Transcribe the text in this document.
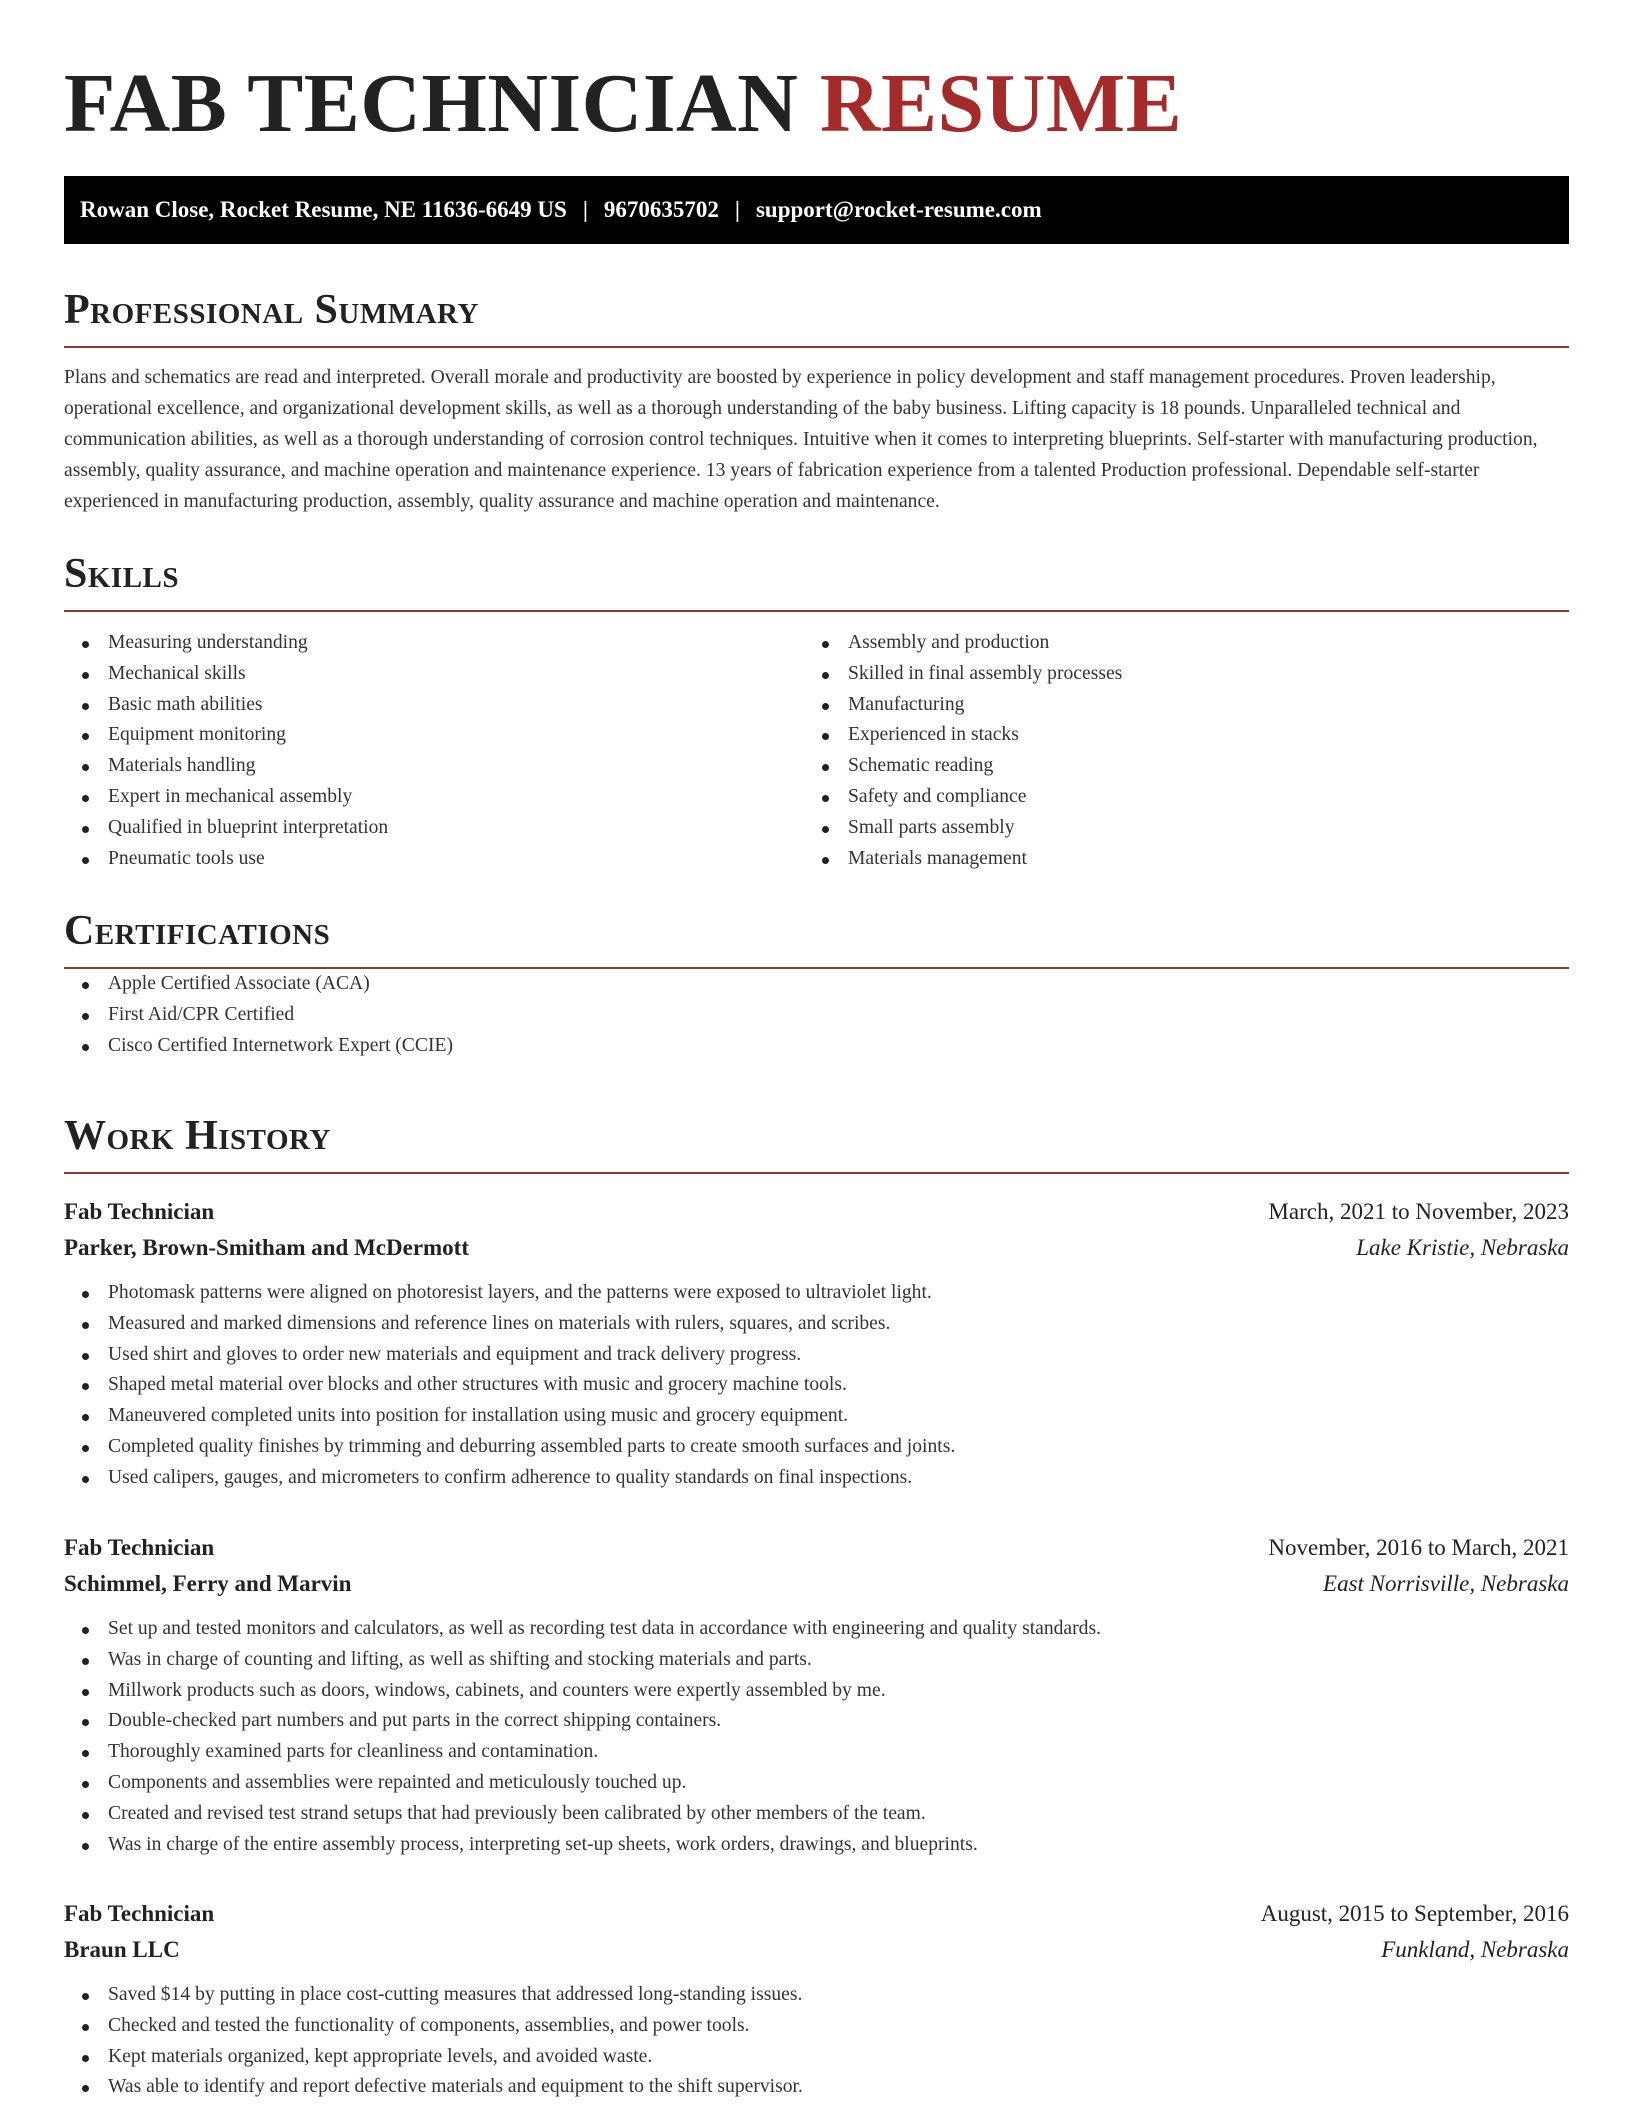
FAB TECHNICIAN RESUME
Rowan Close, Rocket Resume, NE 11636-6649 US | 9670635702 | support@rocket-resume.com
Professional Summary

Plans and schematics are read and interpreted. Overall morale and productivity are boosted by experience in policy development and staff management procedures. Proven leadership, operational excellence, and organizational development skills, as well as a thorough understanding of the baby business. Lifting capacity is 18 pounds. Unparalleled technical and communication abilities, as well as a thorough understanding of corrosion control techniques. Intuitive when it comes to interpreting blueprints. Self-starter with manufacturing production, assembly, quality assurance, and machine operation and maintenance experience. 13 years of fabrication experience from a talented Production professional. Dependable self-starter experienced in manufacturing production, assembly, quality assurance and machine operation and maintenance.

Skills
Measuring understanding
Mechanical skills
Basic math abilities
Equipment monitoring
Materials handling
Expert in mechanical assembly
Qualified in blueprint interpretation
Pneumatic tools use
Assembly and production
Skilled in final assembly processes
Manufacturing
Experienced in stacks
Schematic reading
Safety and compliance
Small parts assembly
Materials management
Certifications
Apple Certified Associate (ACA)
First Aid/CPR Certified
Cisco Certified Internetwork Expert (CCIE)
Work History
Fab Technician	March, 2021 to November, 2023
Parker, Brown-Smitham and McDermott	Lake Kristie, Nebraska
Photomask patterns were aligned on photoresist layers, and the patterns were exposed to ultraviolet light.
Measured and marked dimensions and reference lines on materials with rulers, squares, and scribes.
Used shirt and gloves to order new materials and equipment and track delivery progress.
Shaped metal material over blocks and other structures with music and grocery machine tools.
Maneuvered completed units into position for installation using music and grocery equipment.
Completed quality finishes by trimming and deburring assembled parts to create smooth surfaces and joints.
Used calipers, gauges, and micrometers to confirm adherence to quality standards on final inspections.
Fab Technician	November, 2016 to March, 2021
Schimmel, Ferry and Marvin	East Norrisville, Nebraska
Set up and tested monitors and calculators, as well as recording test data in accordance with engineering and quality standards.
Was in charge of counting and lifting, as well as shifting and stocking materials and parts.
Millwork products such as doors, windows, cabinets, and counters were expertly assembled by me.
Double-checked part numbers and put parts in the correct shipping containers.
Thoroughly examined parts for cleanliness and contamination.
Components and assemblies were repainted and meticulously touched up.
Created and revised test strand setups that had previously been calibrated by other members of the team.
Was in charge of the entire assembly process, interpreting set-up sheets, work orders, drawings, and blueprints.
Fab Technician	August, 2015 to September, 2016
Braun LLC	Funkland, Nebraska
Saved $14 by putting in place cost-cutting measures that addressed long-standing issues.
Checked and tested the functionality of components, assemblies, and power tools.
Kept materials organized, kept appropriate levels, and avoided waste.
Was able to identify and report defective materials and equipment to the shift supervisor.
